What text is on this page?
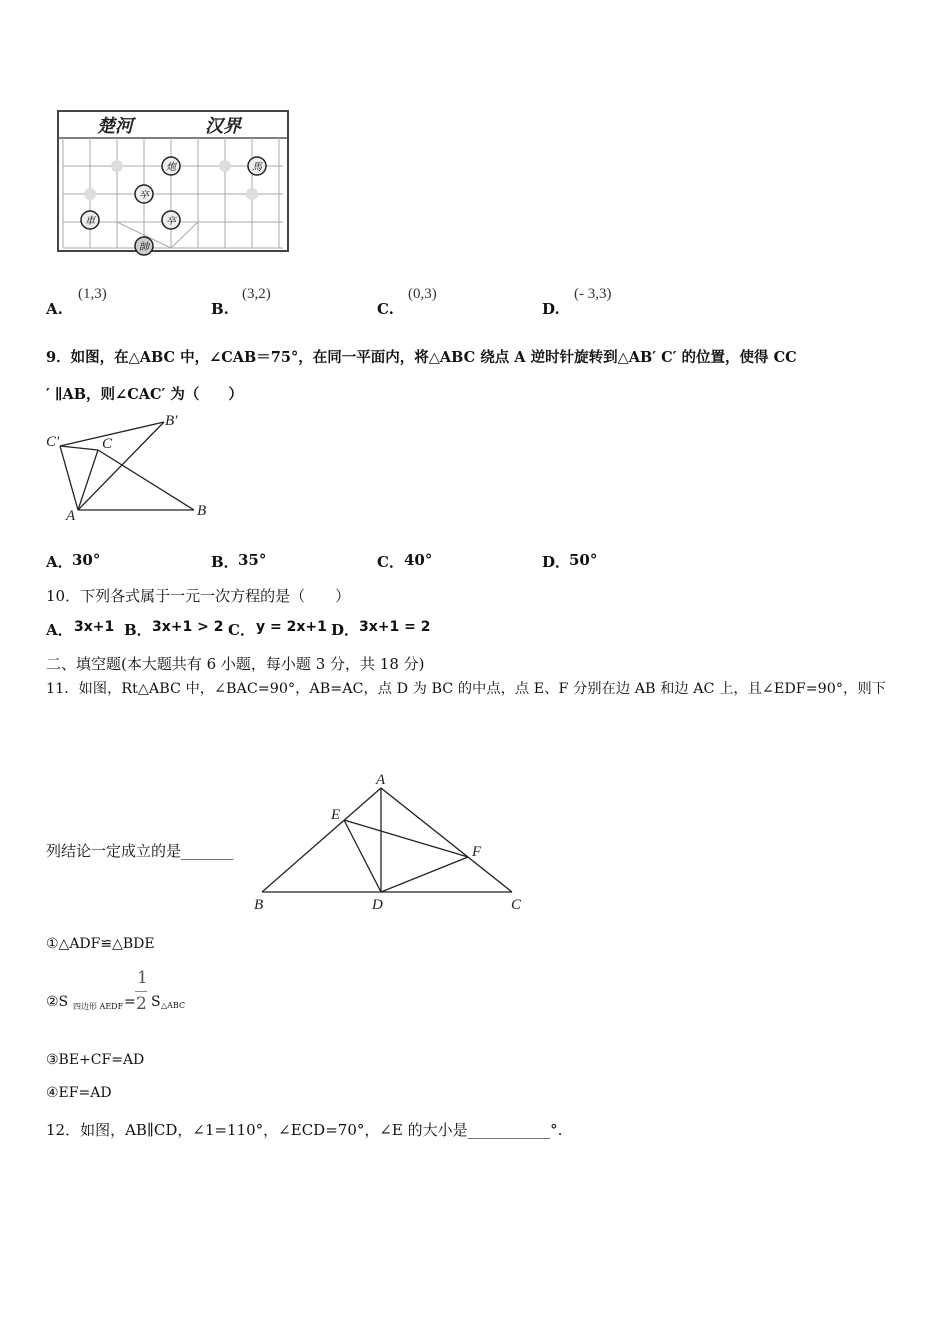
楚河	汉界
炮	馬
卒
卒
車
帥
A.
(1,3)
B.
(3,2)
C.
(0,3)
D.
(- 3,3)
9．如图，在△ABC 中，∠CAB＝75°，在同一平面内，将△ABC 绕点 A 逆时针旋转到△AB′ C′ 的位置，使得 CC
′ ∥AB，则∠CAC′ 为（　　）
C′	C
B′
A	B
A． 30°	B． 35°	C． 40°	D．
50°
10．下列各式属于一元一次方程的是（　　）
A． 3x+1 B． 3x+1 > 2 C． y = 2x+1 D． 3x+1 = 2
二、填空题(本大题共有 6 小题，每小题 3 分，共 18 分)
11．如图，Rt△ABC 中，∠BAC=90°，AB=AC，点 D 为 BC 的中点，点 E、F 分别在边 AB 和边 AC 上，且∠EDF=90°，则下
列结论一定成立的是_______
A
E
F
B	D	C
①△ADF≌△BDE
②S 四边形 AEDF =
1
2 S △ABC
③BE+CF=AD
④EF=AD
12．如图，AB∥CD，∠1=110°，∠ECD=70°，∠E 的大小是___________°.
